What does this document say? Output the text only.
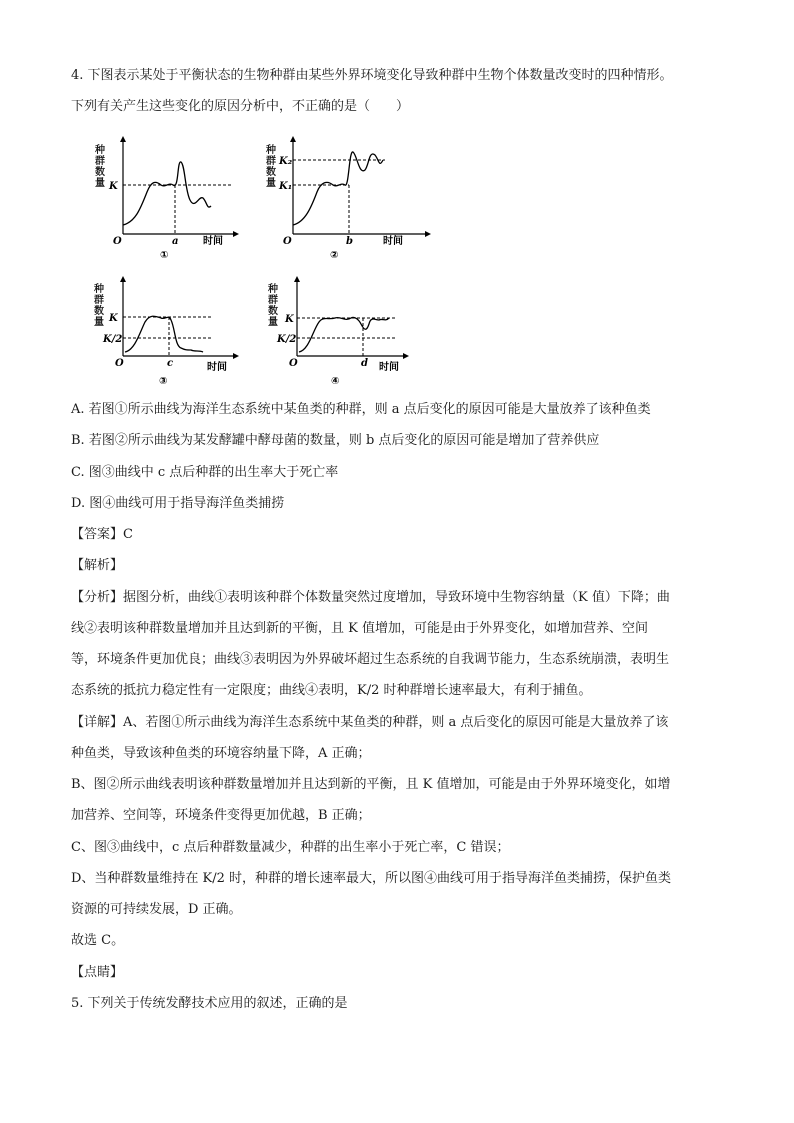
4. 下图表示某处于平衡状态的生物种群由某些外界环境变化导致种群中生物个体数量改变时的四种情形。
下列有关产生这些变化的原因分析中，不正确的是（　　）
K
O	a 时间
①
种群数量
K₂
K₁
O	b	时间
②
种群数量
K
K/2
O	c	时间
③
种群数量	K
K/2
O	d 时间
④
种群数量
A. 若图①所示曲线为海洋生态系统中某鱼类的种群，则 a 点后变化的原因可能是大量放养了该种鱼类
B. 若图②所示曲线为某发酵罐中酵母菌的数量，则 b 点后变化的原因可能是增加了营养供应
C. 图③曲线中 c 点后种群的出生率大于死亡率
D. 图④曲线可用于指导海洋鱼类捕捞
【答案】C
【解析】
【分析】据图分析，曲线①表明该种群个体数量突然过度增加，导致环境中生物容纳量（K 值）下降；曲
线②表明该种群数量增加并且达到新的平衡，且 K 值增加，可能是由于外界变化，如增加营养、空间
等，环境条件更加优良；曲线③表明因为外界破坏超过生态系统的自我调节能力，生态系统崩溃，表明生
态系统的抵抗力稳定性有一定限度；曲线④表明，K/2 时种群增长速率最大，有利于捕鱼。
【详解】A、若图①所示曲线为海洋生态系统中某鱼类的种群，则 a 点后变化的原因可能是大量放养了该
种鱼类，导致该种鱼类的环境容纳量下降，A 正确；
B、图②所示曲线表明该种群数量增加并且达到新的平衡，且 K 值增加，可能是由于外界环境变化，如增
加营养、空间等，环境条件变得更加优越，B 正确；
C、图③曲线中，c 点后种群数量减少，种群的出生率小于死亡率，C 错误；
D、当种群数量维持在 K/2 时，种群的增长速率最大，所以图④曲线可用于指导海洋鱼类捕捞，保护鱼类
资源的可持续发展，D 正确。
故选 C。
【点睛】
5. 下列关于传统发酵技术应用的叙述，正确的是
